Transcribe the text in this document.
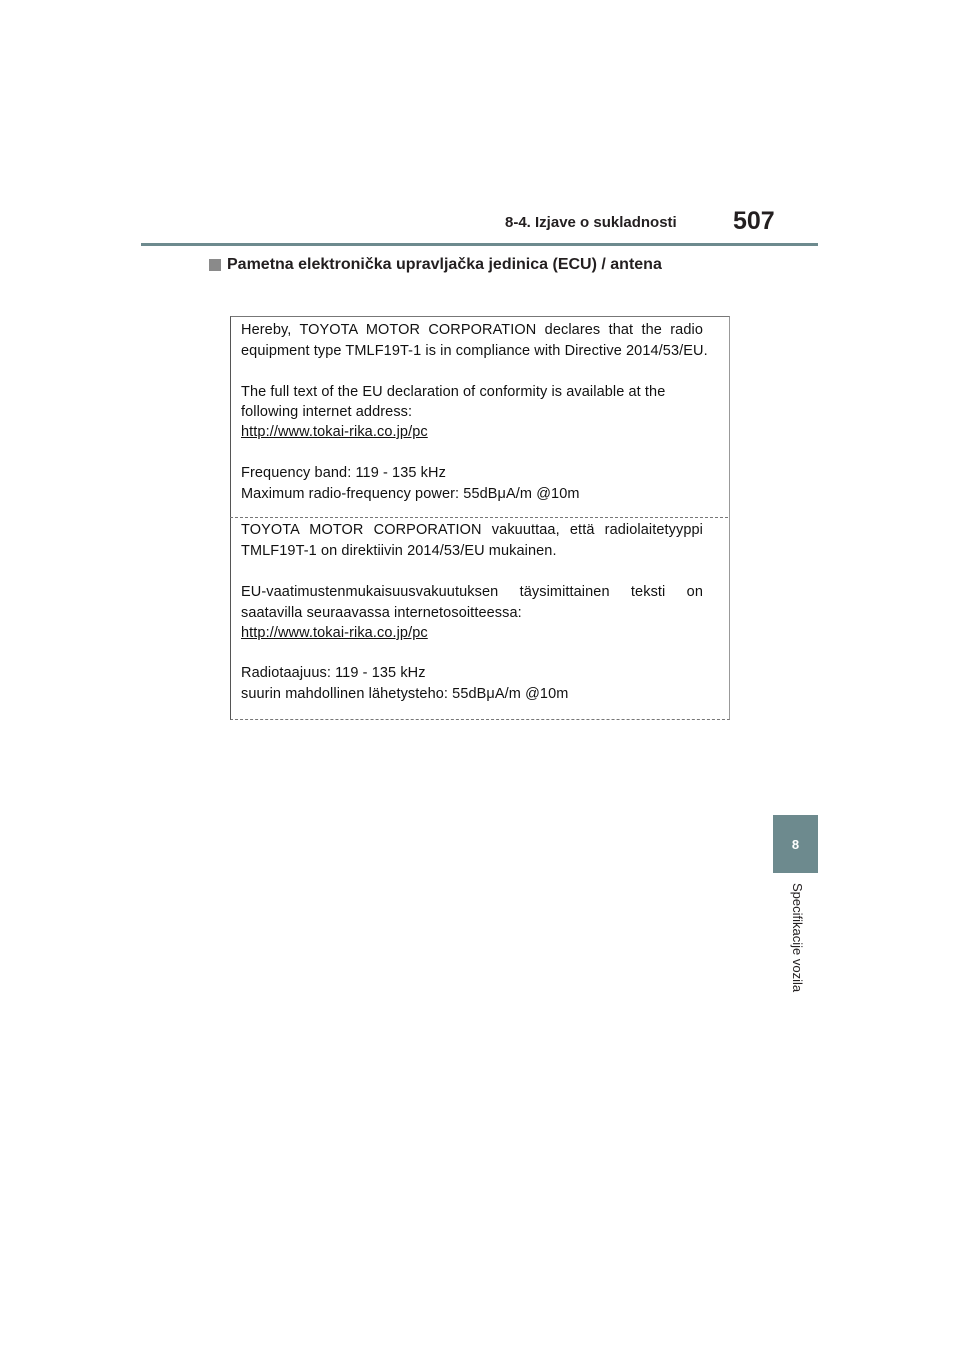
8-4. Izjave o sukladnosti 507
Pametna elektronička upravljačka jedinica (ECU) / antena
Hereby, TOYOTA MOTOR CORPORATION declares that the radio
equipment type TMLF19T-1 is in compliance with Directive 2014/53/EU.
The full text of the EU declaration of conformity is available at the
following internet address:
http://www.tokai-rika.co.jp/pc
Frequency band: 119 - 135 kHz
Maximum radio-frequency power: 55dBμA/m @10m
TOYOTA MOTOR CORPORATION vakuuttaa, että radiolaitetyyppi
TMLF19T-1 on direktiivin 2014/53/EU mukainen.
EU-vaatimustenmukaisuusvakuutuksen täysimittainen teksti on
saatavilla seuraavassa internetosoitteessa:
http://www.tokai-rika.co.jp/pc
Radiotaajuus: 119 - 135 kHz
suurin mahdollinen lähetysteho: 55dBμA/m @10m
8
Specifikacije vozila
